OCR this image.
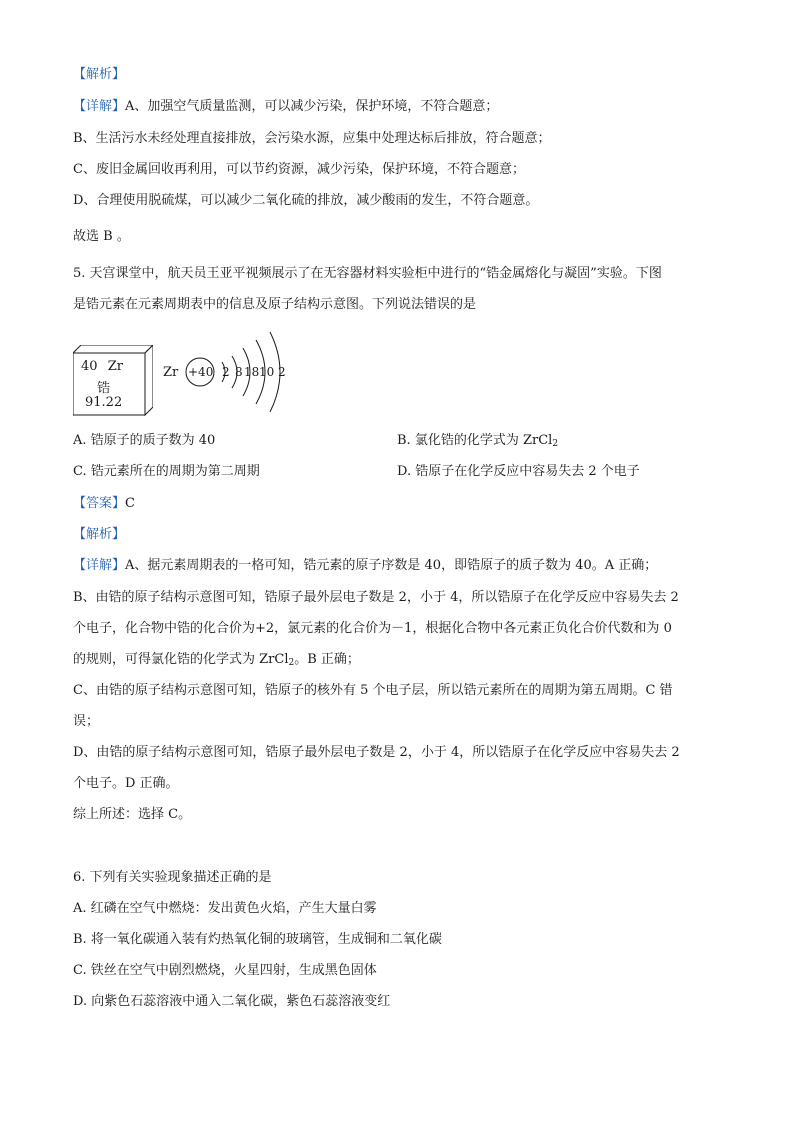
【解析】
【详解】A、加强空气质量监测，可以减少污染，保护环境，不符合题意；
B、生活污水未经处理直接排放，会污染水源，应集中处理达标后排放，符合题意；
C、废旧金属回收再利用，可以节约资源，减少污染，保护环境，不符合题意；
D、合理使用脱硫煤，可以减少二氧化硫的排放，减少酸雨的发生，不符合题意。
故选 B 。
5. 天宫课堂中，航天员王亚平视频展示了在无容器材料实验柜中进行的“锆金属熔化与凝固”实验。下图
是锆元素在元素周期表中的信息及原子结构示意图。下列说法错误的是
40 Zr
锆
91.22
Zr +40 2 8 18 10 2
A. 锆原子的质子数为 40	B. 氯化锆的化学式为 ZrCl$_2$
C. 锆元素所在的周期为第二周期	D. 锆原子在化学反应中容易失去 2 个电子
【答案】C
【解析】
【详解】A、据元素周期表的一格可知，锆元素的原子序数是 40，即锆原子的质子数为 40。A 正确；
B、由锆的原子结构示意图可知，锆原子最外层电子数是 2，小于 4，所以锆原子在化学反应中容易失去 2
个电子，化合物中锆的化合价为+2，氯元素的化合价为－1，根据化合物中各元素正负化合价代数和为 0
的规则，可得氯化锆的化学式为 ZrCl$_2$。B 正确；
C、由锆的原子结构示意图可知，锆原子的核外有 5 个电子层，所以锆元素所在的周期为第五周期。C 错
误；
D、由锆的原子结构示意图可知，锆原子最外层电子数是 2，小于 4，所以锆原子在化学反应中容易失去 2
个电子。D 正确。
综上所述：选择 C。
6. 下列有关实验现象描述正确的是
A. 红磷在空气中燃烧：发出黄色火焰，产生大量白雾
B. 将一氧化碳通入装有灼热氧化铜的玻璃管，生成铜和二氧化碳
C. 铁丝在空气中剧烈燃烧，火星四射，生成黑色固体
D. 向紫色石蕊溶液中通入二氧化碳，紫色石蕊溶液变红
